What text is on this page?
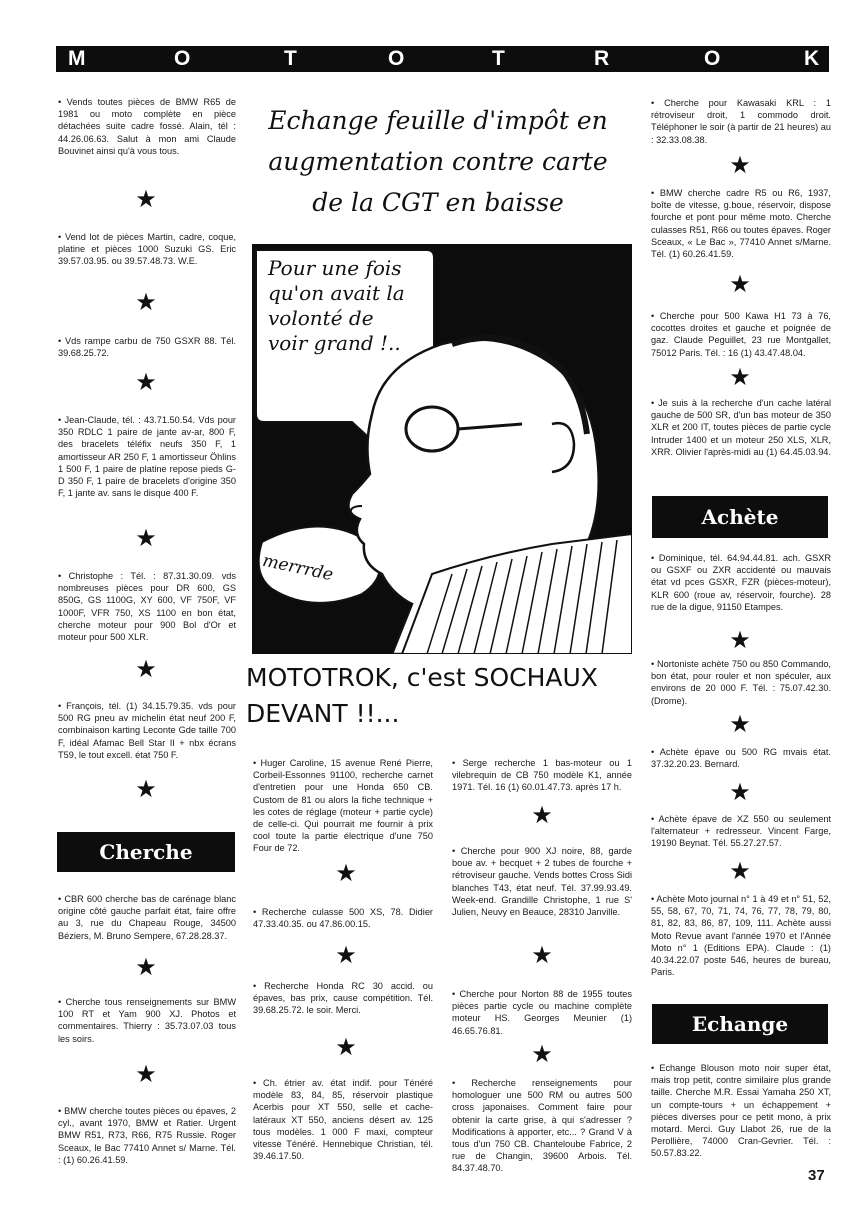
M	O	T	O	T	R	O	K
• Vends toutes pièces de BMW R65 de 1981 ou moto complète en pièce détachées suite cadre fossé. Alain, tél : 44.26.06.63. Salut à mon ami Claude Bouvinet ainsi qu'à vous tous.
★
• Vend lot de pièces Martin, cadre, coque, platine et pièces 1000 Suzuki GS. Eric 39.57.03.95. ou 39.57.48.73. W.E.
★
• Vds rampe carbu de 750 GSXR 88. Tél. 39.68.25.72.
★
• Jean-Claude, tél. : 43.71.50.54. Vds pour 350 RDLC 1 paire de jante av-ar, 800 F, des bracelets téléfix neufs 350 F, 1 amortisseur AR 250 F, 1 amortisseur Öhlins 1 500 F, 1 paire de platine repose pieds G-D 350 F, 1 paire de bracelets d'origine 350 F, 1 jante av. sans le disque 400 F.
★
• Christophe : Tél. : 87.31.30.09. vds nombreuses pièces pour DR 600, GS 850G, GS 1100G, XY 600, VF 750F, VF 1000F, VFR 750, XS 1100 en bon état, cherche moteur pour 900 Bol d'Or et moteur pour 500 XLR.
★
• François, tél. (1) 34.15.79.35. vds pour 500 RG pneu av michelin état neuf 200 F, combinaison karting Leconte Gde taille 700 F, idéal Afamac Bell Star II + nbx écrans T59, le tout excell. état 750 F.
★
Cherche
• CBR 600 cherche bas de carénage blanc origine côté gauche parfait état, faire offre au 3, rue du Chapeau Rouge, 34500 Béziers, M. Bruno Sempere, 67.28.28.37.
★
• Cherche tous renseignements sur BMW 100 RT et Yam 900 XJ. Photos et commentaires. Thierry : 35.73.07.03 tous les soirs.
★
• BMW cherche toutes pièces ou épaves, 2 cyl., avant 1970, BMW et Ratier. Urgent BMW R51, R73, R66, R75 Russie. Roger Sceaux, le Bac 77410 Annet s/ Marne. Tél. : (1) 60.26.41.59.
Echange feuille d'impôt en augmentation contre carte de la CGT en baisse
Pour une fois qu'on avait la volonté de voir grand !..
merrrde
MOTOTROK, c'est SOCHAUX DEVANT !!...
• Huger Caroline, 15 avenue René Pierre, Corbeil-Essonnes 91100, recherche carnet d'entretien pour une Honda 650 CB. Custom de 81 ou alors la fiche technique + les cotes de réglage (moteur + partie cycle) de celle-ci. Qui pourrait me fournir à prix cool toute la partie électrique d'une 750 Four de 72.
★
• Recherche culasse 500 XS, 78. Didier 47.33.40.35. ou 47.86.00.15.
★
• Recherche Honda RC 30 accid. ou épaves, bas prix, cause compétition. Tél. 39.68.25.72. le soir. Merci.
★
• Ch. étrier av. état indif. pour Ténéré modèle 83, 84, 85, réservoir plastique Acerbis pour XT 550, selle et cache-latéraux XT 550, anciens désert av. 125 tous modèles. 1 000 F maxi, compteur vitesse Ténéré. Hennebique Christian, tél. 39.46.17.50.
• Serge recherche 1 bas-moteur ou 1 vilebrequin de CB 750 modèle K1, année 1971. Tél. 16 (1) 60.01.47.73. après 17 h.
★
• Cherche pour 900 XJ noire, 88, garde boue av. + becquet + 2 tubes de fourche + rétroviseur gauche. Vends bottes Cross Sidi blanches T43, état neuf. Tél. 37.99.93.49. Week-end. Grandille Christophe, 1 rue S' Julien, Neuvy en Beauce, 28310 Janville.
★
• Cherche pour Norton 88 de 1955 toutes pièces partie cycle ou machine complète moteur HS. Georges Meunier (1) 46.65.76.81.
★
• Recherche renseignements pour homologuer une 500 RM ou autres 500 cross japonaises. Comment faire pour obtenir la carte grise, à qui s'adresser ? Modifications à apporter, etc... ? Grand V à tous d'un 750 CB. Chanteloube Fabrice, 2 rue de Changin, 39600 Arbois. Tél. 84.37.48.70.
• Cherche pour Kawasaki KRL : 1 rétroviseur droit, 1 commodo droit. Téléphoner le soir (à partir de 21 heures) au : 32.33.08.38.
★
• BMW cherche cadre R5 ou R6, 1937, boîte de vitesse, g.boue, réservoir, dispose fourche et pont pour même moto. Cherche culasses R51, R66 ou toutes épaves. Roger Sceaux, « Le Bac », 77410 Annet s/Marne. Tél. (1) 60.26.41.59.
★
• Cherche pour 500 Kawa H1 73 à 76, cocottes droites et gauche et poignée de gaz. Claude Peguillet, 23 rue Montgallet, 75012 Paris. Tél. : 16 (1) 43.47.48.04.
★
• Je suis à la recherche d'un cache latéral gauche de 500 SR, d'un bas moteur de 350 XLR et 200 IT, toutes pièces de partie cycle Intruder 1400 et un moteur 250 XLS, XLR, XRR. Olivier l'après-midi au (1) 64.45.03.94.
Achète
• Dominique, tél. 64.94.44.81. ach. GSXR ou GSXF ou ZXR accidenté ou mauvais état vd pces GSXR, FZR (pièces-moteur), KLR 600 (roue av, réservoir, fourche). 28 rue de la digue, 91150 Etampes.
★
• Nortoniste achète 750 ou 850 Commando, bon état, pour rouler et non spéculer, aux environs de 20 000 F. Tél. : 75.07.42.30. (Drome).
★
• Achète épave ou 500 RG mvais état. 37.32.20.23. Bernard.
★
• Achète épave de XZ 550 ou seulement l'alternateur + redresseur. Vincent Farge, 19190 Beynat. Tél. 55.27.27.57.
★
• Achète Moto journal n° 1 à 49 et n° 51, 52, 55, 58, 67, 70, 71, 74, 76, 77, 78, 79, 80, 81, 82, 83, 86, 87, 109, 111. Achète aussi Moto Revue avant l'année 1970 et l'Année Moto n° 1 (Editions EPA). Claude : (1) 40.34.22.07 poste 546, heures de bureau, Paris.
Echange
• Echange Blouson moto noir super état, mais trop petit, contre similaire plus grande taille. Cherche M.R. Essai Yamaha 250 XT, un compte-tours + un échappement + pièces diverses pour ce petit mono, à prix motard. Merci. Guy Llabot 26, rue de la Perollière, 74000 Cran-Gevrier. Tél. : 50.57.83.22.
37
